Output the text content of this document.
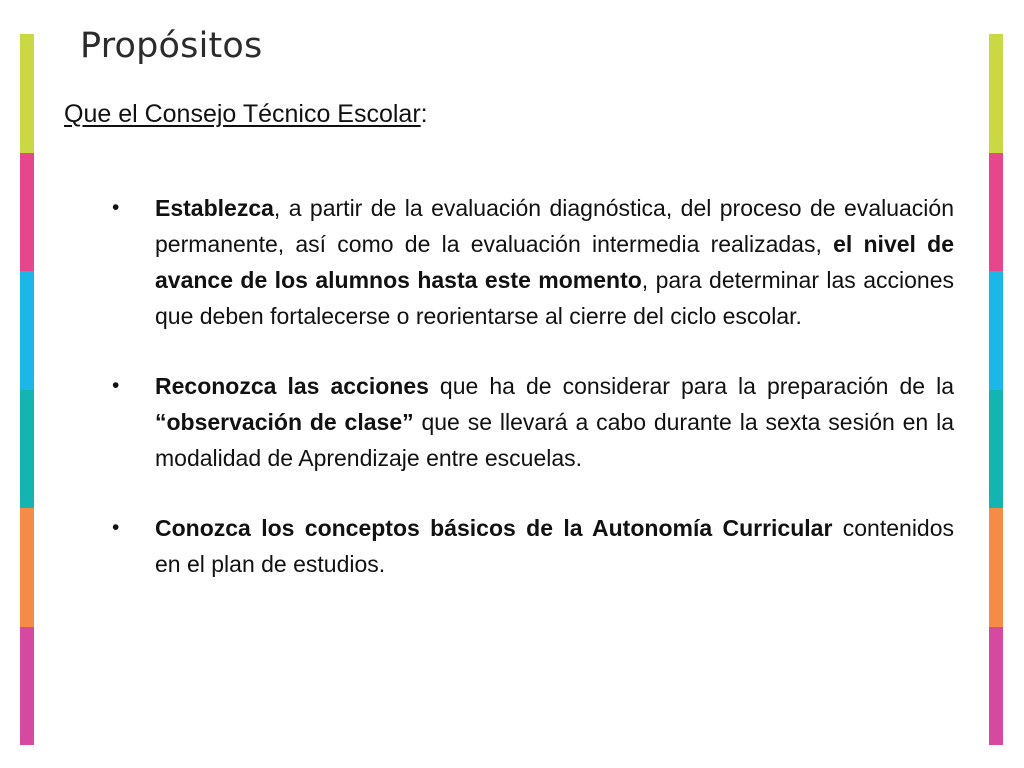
Propósitos
Que el Consejo Técnico Escolar:
• Establezca, a partir de la evaluación diagnóstica, del proceso de evaluación permanente, así como de la evaluación intermedia realizadas, el nivel de avance de los alumnos hasta este momento, para determinar las acciones que deben fortalecerse o reorientarse al cierre del ciclo escolar.
• Reconozca las acciones que ha de considerar para la preparación de la “observación de clase” que se llevará a cabo durante la sexta sesión en la modalidad de Aprendizaje entre escuelas.
• Conozca los conceptos básicos de la Autonomía Curricular contenidos en el plan de estudios.
